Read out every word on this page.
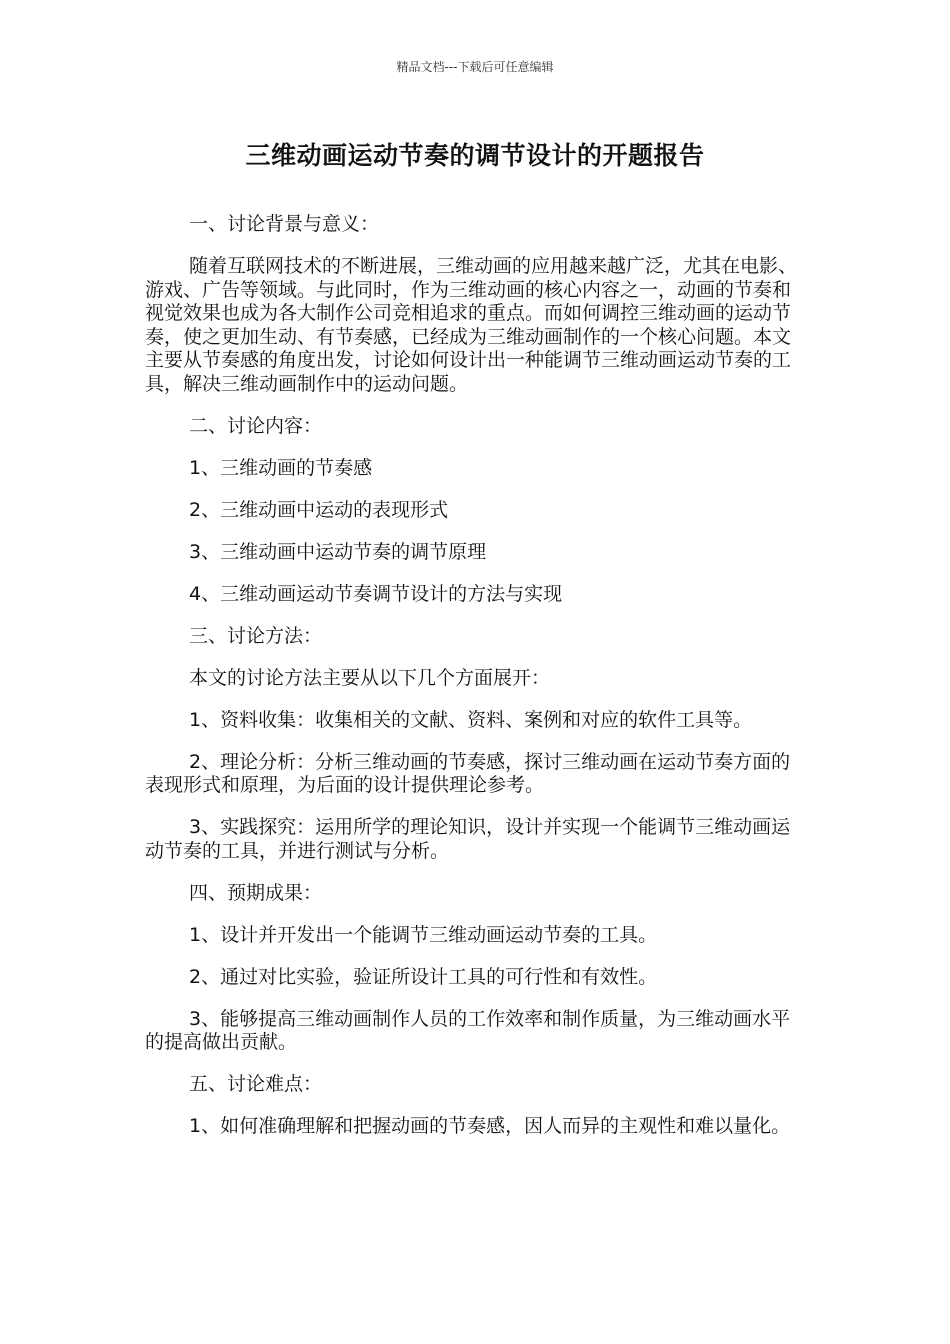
精品文档---下载后可任意编辑
三维动画运动节奏的调节设计的开题报告

一、讨论背景与意义：

随着互联网技术的不断进展，三维动画的应用越来越广泛，尤其在电影、游戏、广告等领域。与此同时，作为三维动画的核心内容之一，动画的节奏和视觉效果也成为各大制作公司竞相追求的重点。而如何调控三维动画的运动节奏，使之更加生动、有节奏感，已经成为三维动画制作的一个核心问题。本文主要从节奏感的角度出发，讨论如何设计出一种能调节三维动画运动节奏的工具，解决三维动画制作中的运动问题。

二、讨论内容：

1、三维动画的节奏感

2、三维动画中运动的表现形式

3、三维动画中运动节奏的调节原理

4、三维动画运动节奏调节设计的方法与实现

三、讨论方法：

本文的讨论方法主要从以下几个方面展开：

1、资料收集：收集相关的文献、资料、案例和对应的软件工具等。

2、理论分析：分析三维动画的节奏感，探讨三维动画在运动节奏方面的表现形式和原理，为后面的设计提供理论参考。

3、实践探究：运用所学的理论知识，设计并实现一个能调节三维动画运动节奏的工具，并进行测试与分析。

四、预期成果：

1、设计并开发出一个能调节三维动画运动节奏的工具。

2、通过对比实验，验证所设计工具的可行性和有效性。

3、能够提高三维动画制作人员的工作效率和制作质量，为三维动画水平的提高做出贡献。

五、讨论难点：

1、如何准确理解和把握动画的节奏感，因人而异的主观性和难以量化。
